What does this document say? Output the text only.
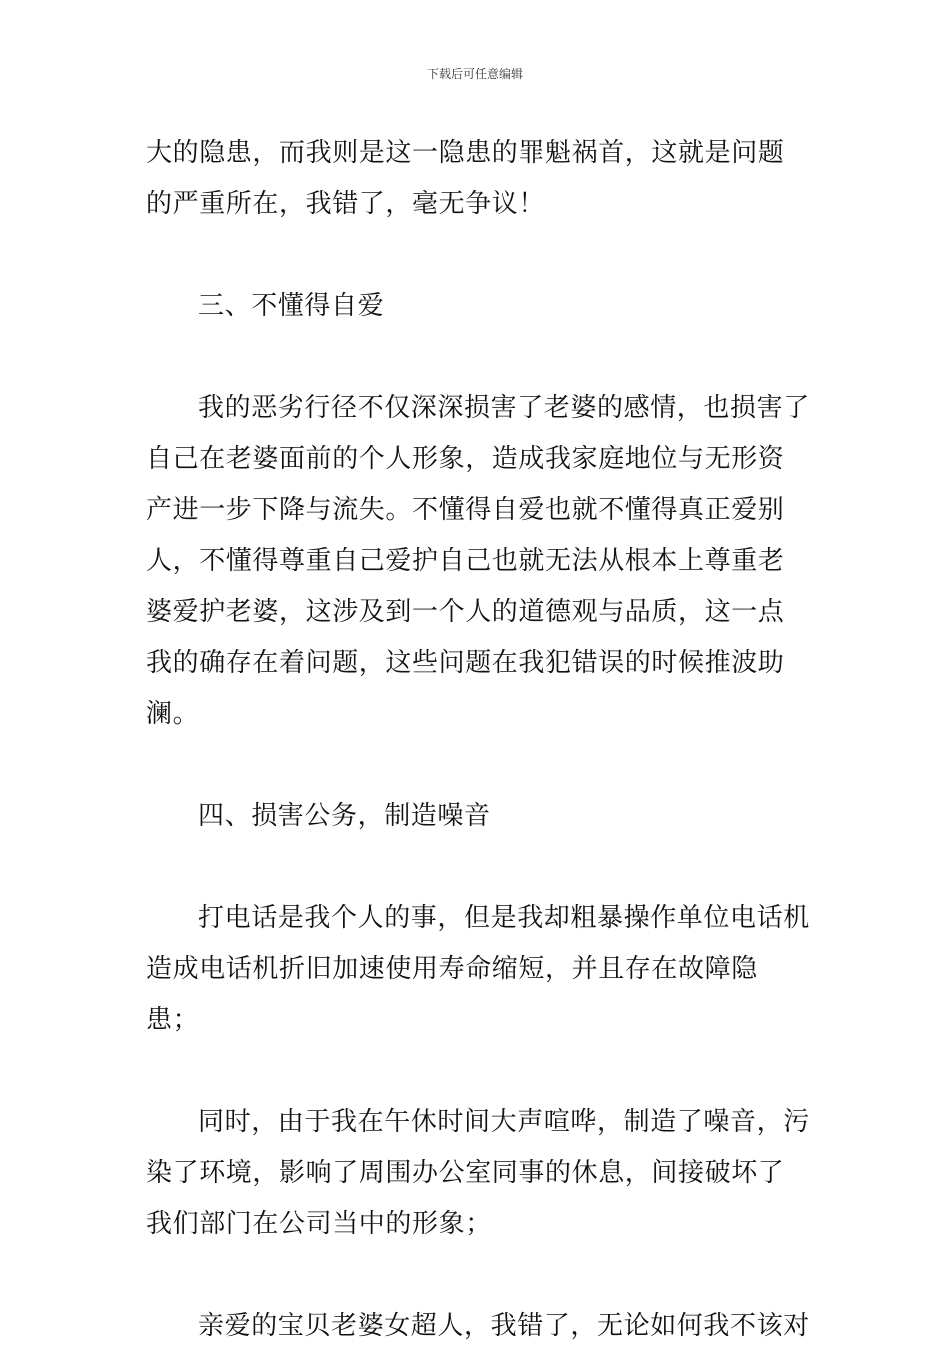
下载后可任意编辑

大的隐患，而我则是这一隐患的罪魁祸首，这就是问题的严重所在，我错了，毫无争议！

三、不懂得自爱

我的恶劣行径不仅深深损害了老婆的感情，也损害了自己在老婆面前的个人形象，造成我家庭地位与无形资产进一步下降与流失。不懂得自爱也就不懂得真正爱别人，不懂得尊重自己爱护自己也就无法从根本上尊重老婆爱护老婆，这涉及到一个人的道德观与品质，这一点我的确存在着问题，这些问题在我犯错误的时候推波助澜。

四、损害公务，制造噪音

打电话是我个人的事，但是我却粗暴操作单位电话机造成电话机折旧加速使用寿命缩短，并且存在故障隐患；

同时，由于我在午休时间大声喧哗，制造了噪音，污染了环境，影响了周围办公室同事的休息，间接破坏了我们部门在公司当中的形象；

亲爱的宝贝老婆女超人，我错了，无论如何我不该对
